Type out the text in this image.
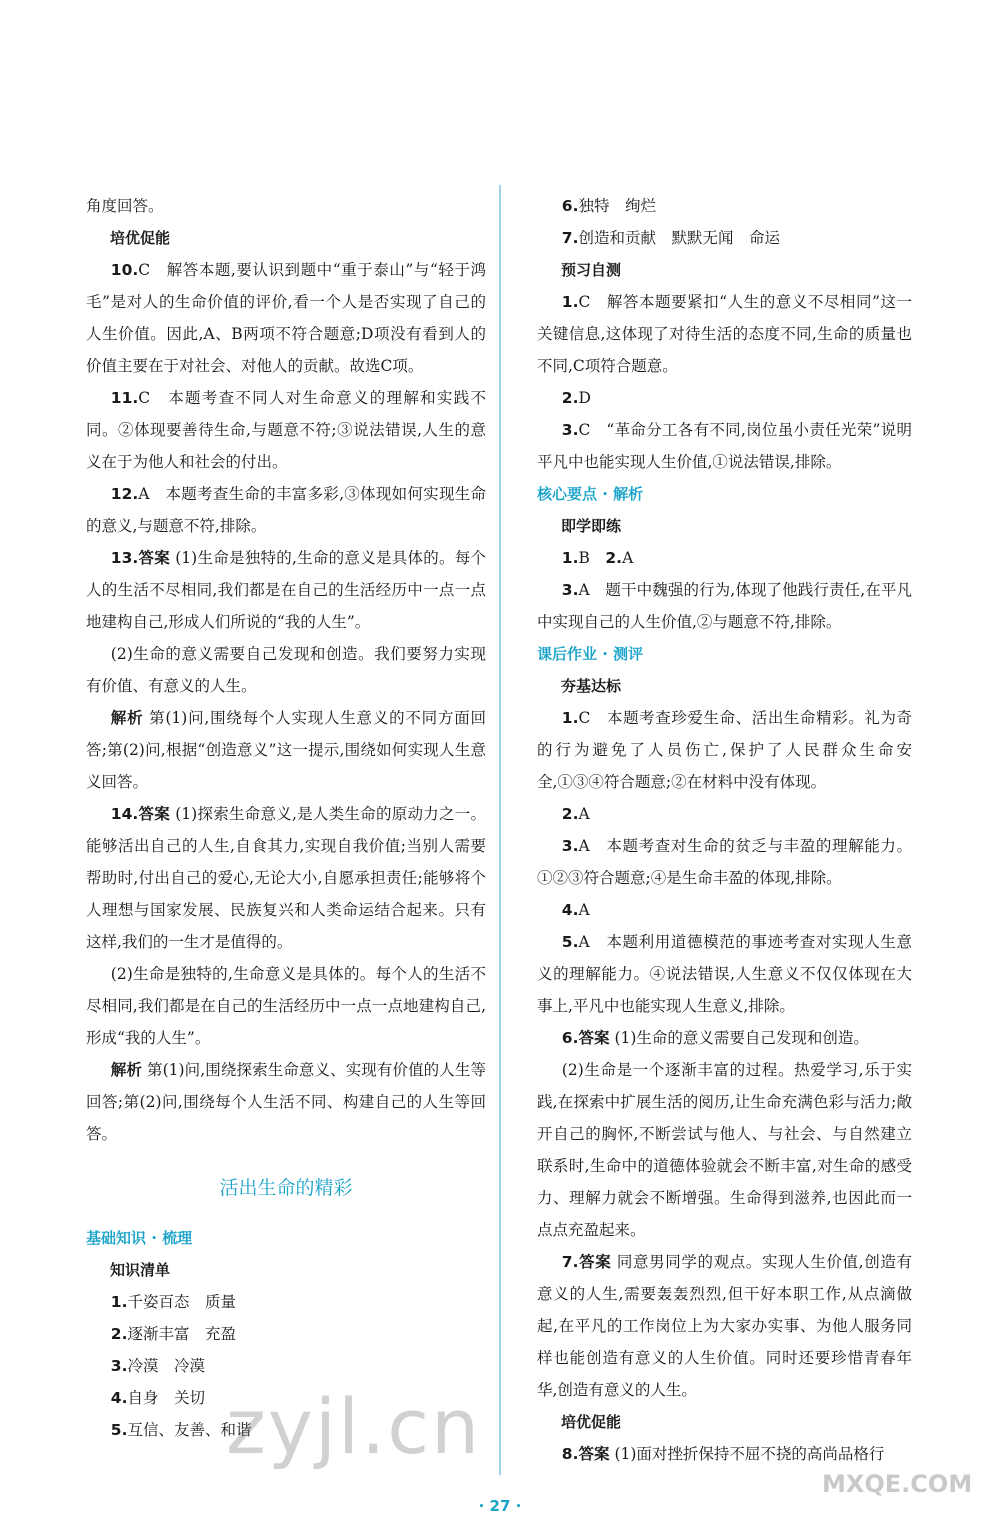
角度回答。

培优促能

10.C　解答本题,要认识到题中“重于泰山”与“轻于鸿毛”是对人的生命价值的评价,看一个人是否实现了自己的人生价值。因此,A、B两项不符合题意;D项没有看到人的价值主要在于对社会、对他人的贡献。故选C项。

11.C　本题考查不同人对生命意义的理解和实践不同。②体现要善待生命,与题意不符;③说法错误,人生的意义在于为他人和社会的付出。

12.A　本题考查生命的丰富多彩,③体现如何实现生命的意义,与题意不符,排除。

13.答案 (1)生命是独特的,生命的意义是具体的。每个人的生活不尽相同,我们都是在自己的生活经历中一点一点地建构自己,形成人们所说的“我的人生”。

(2)生命的意义需要自己发现和创造。我们要努力实现有价值、有意义的人生。

解析 第(1)问,围绕每个人实现人生意义的不同方面回答;第(2)问,根据“创造意义”这一提示,围绕如何实现人生意义回答。

14.答案 (1)探索生命意义,是人类生命的原动力之一。能够活出自己的人生,自食其力,实现自我价值;当别人需要帮助时,付出自己的爱心,无论大小,自愿承担责任;能够将个人理想与国家发展、民族复兴和人类命运结合起来。只有这样,我们的一生才是值得的。

(2)生命是独特的,生命意义是具体的。每个人的生活不尽相同,我们都是在自己的生活经历中一点一点地建构自己,形成“我的人生”。

解析 第(1)问,围绕探索生命意义、实现有价值的人生等回答;第(2)问,围绕每个人生活不同、构建自己的人生等回答。

活出生命的精彩

基础知识 · 梳理

知识清单

1.千姿百态　质量

2.逐渐丰富　充盈

3.冷漠　冷漠

4.自身　关切

5.互信、友善、和谐

6.独特　绚烂

7.创造和贡献　默默无闻　命运

预习自测

1.C　解答本题要紧扣“人生的意义不尽相同”这一关键信息,这体现了对待生活的态度不同,生命的质量也不同,C项符合题意。

2.D

3.C　“革命分工各有不同,岗位虽小责任光荣”说明平凡中也能实现人生价值,①说法错误,排除。

核心要点 · 解析

即学即练

1.B　 2.A

3.A　题干中魏强的行为,体现了他践行责任,在平凡中实现自己的人生价值,②与题意不符,排除。

课后作业 · 测评

夯基达标

1.C　本题考查珍爱生命、活出生命精彩。礼为奇的行为避免了人员伤亡,保护了人民群众生命安全,①③④符合题意;②在材料中没有体现。

2.A

3.A　本题考查对生命的贫乏与丰盈的理解能力。①②③符合题意;④是生命丰盈的体现,排除。

4.A

5.A　本题利用道德模范的事迹考查对实现人生意义的理解能力。④说法错误,人生意义不仅仅体现在大事上,平凡中也能实现人生意义,排除。

6.答案 (1)生命的意义需要自己发现和创造。

(2)生命是一个逐渐丰富的过程。热爱学习,乐于实践,在探索中扩展生活的阅历,让生命充满色彩与活力;敞开自己的胸怀,不断尝试与他人、与社会、与自然建立联系时,生命中的道德体验就会不断丰富,对生命的感受力、理解力就会不断增强。生命得到滋养,也因此而一点点充盈起来。

7.答案 同意男同学的观点。实现人生价值,创造有意义的人生,需要轰轰烈烈,但干好本职工作,从点滴做起,在平凡的工作岗位上为大家办实事、为他人服务同样也能创造有意义的人生价值。同时还要珍惜青春年华,创造有意义的人生。

培优促能

8.答案 (1)面对挫折保持不屈不挠的高尚品格行

zyjl.cn
MXQE.COM
· 27 ·
